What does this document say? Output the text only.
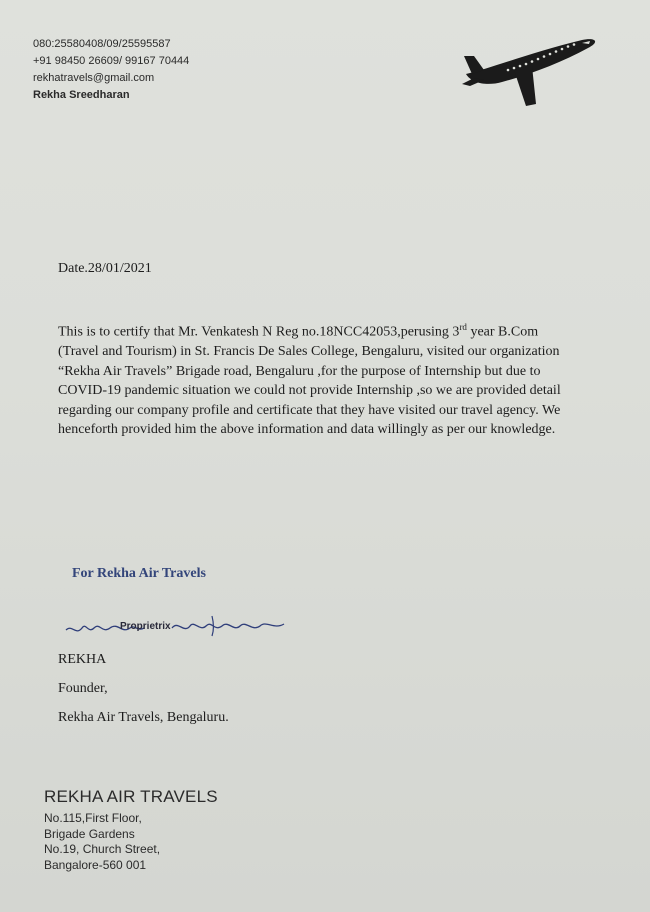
080:25580408/09/25595587
+91 98450 26609/ 99167 70444
rekhatravels@gmail.com
Rekha Sreedharan
Date.28/01/2021
This is to certify that Mr. Venkatesh N Reg no.18NCC42053,perusing 3rd year B.Com (Travel and Tourism) in St. Francis De Sales College, Bengaluru, visited our organization “Rekha Air Travels” Brigade road, Bengaluru ,for the purpose of Internship but due to COVID-19 pandemic situation we could not provide Internship ,so we are provided detail regarding our company profile and certificate that they have visited our travel agency. We henceforth provided him the above information and data willingly as per our knowledge.
For Rekha Air Travels
Proprietrix
REKHA
Founder,
Rekha Air Travels, Bengaluru.
REKHA AIR TRAVELS
No.115,First Floor,
Brigade Gardens
No.19, Church Street,
Bangalore-560 001
